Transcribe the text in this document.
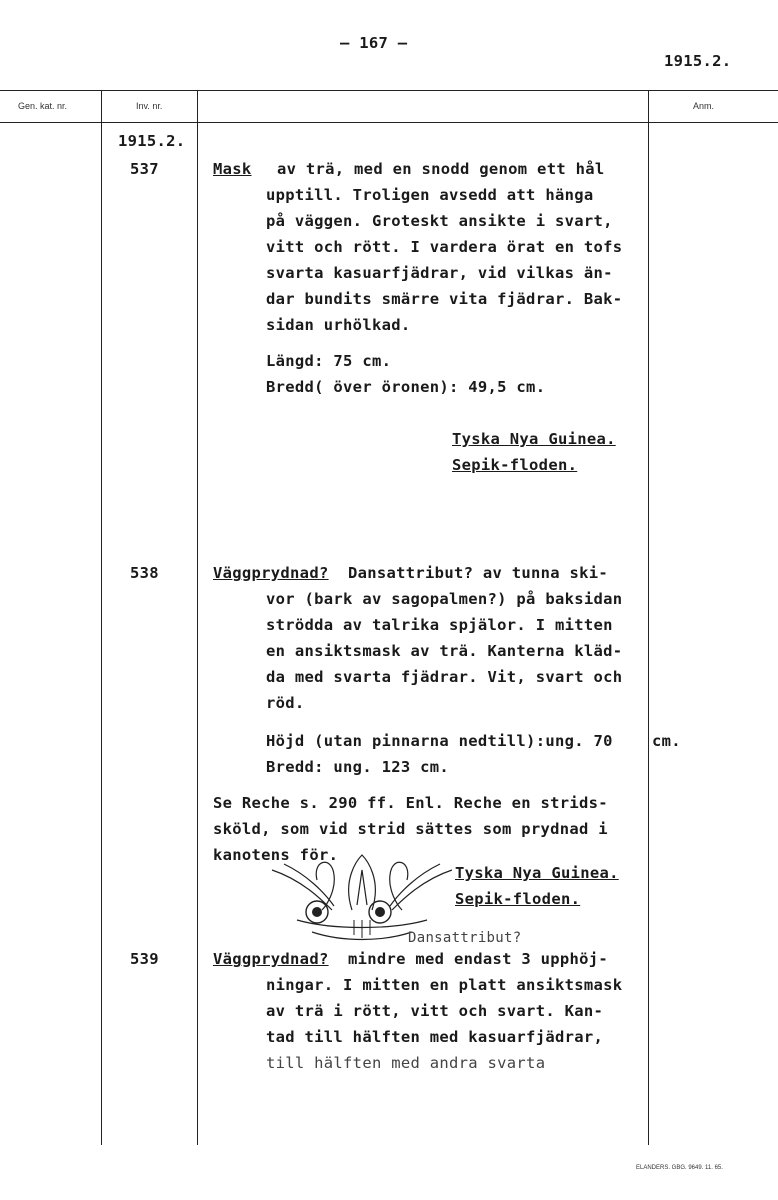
– 167 –
1915.2.
Gen. kat. nr.	Inv. nr.	Anm.
1915.2.
537	Mask av trä, med en snodd genom ett hål
upptill. Troligen avsedd att hänga
på väggen. Groteskt ansikte i svart,
vitt och rött. I vardera örat en tofs
svarta kasuarfjädrar, vid vilkas än-
dar bundits smärre vita fjädrar. Bak-
sidan urhölkad.
Längd: 75 cm.
Bredd( över öronen): 49,5 cm.
Tyska Nya Guinea.
Sepik-floden.
538	Väggprydnad? Dansattribut? av tunna ski-
vor (bark av sagopalmen?) på baksidan
strödda av talrika spjälor. I mitten
en ansiktsmask av trä. Kanterna kläd-
da med svarta fjädrar. Vit, svart och
röd.
Höjd (utan pinnarna nedtill):ung. 70	cm.
Bredd: ung. 123 cm.
Se Reche s. 290 ff. Enl. Reche en strids-
sköld, som vid strid sättes som prydnad i
kanotens för.
Tyska Nya Guinea.
Sepik-floden.
Dansattribut?
539	Väggprydnad? mindre med endast 3 upphöj-
ningar. I mitten en platt ansiktsmask
av trä i rött, vitt och svart. Kan-
tad till hälften med kasuarfjädrar,
till hälften med andra svarta
ELANDERS. GBG. 9649. 11. 65.
